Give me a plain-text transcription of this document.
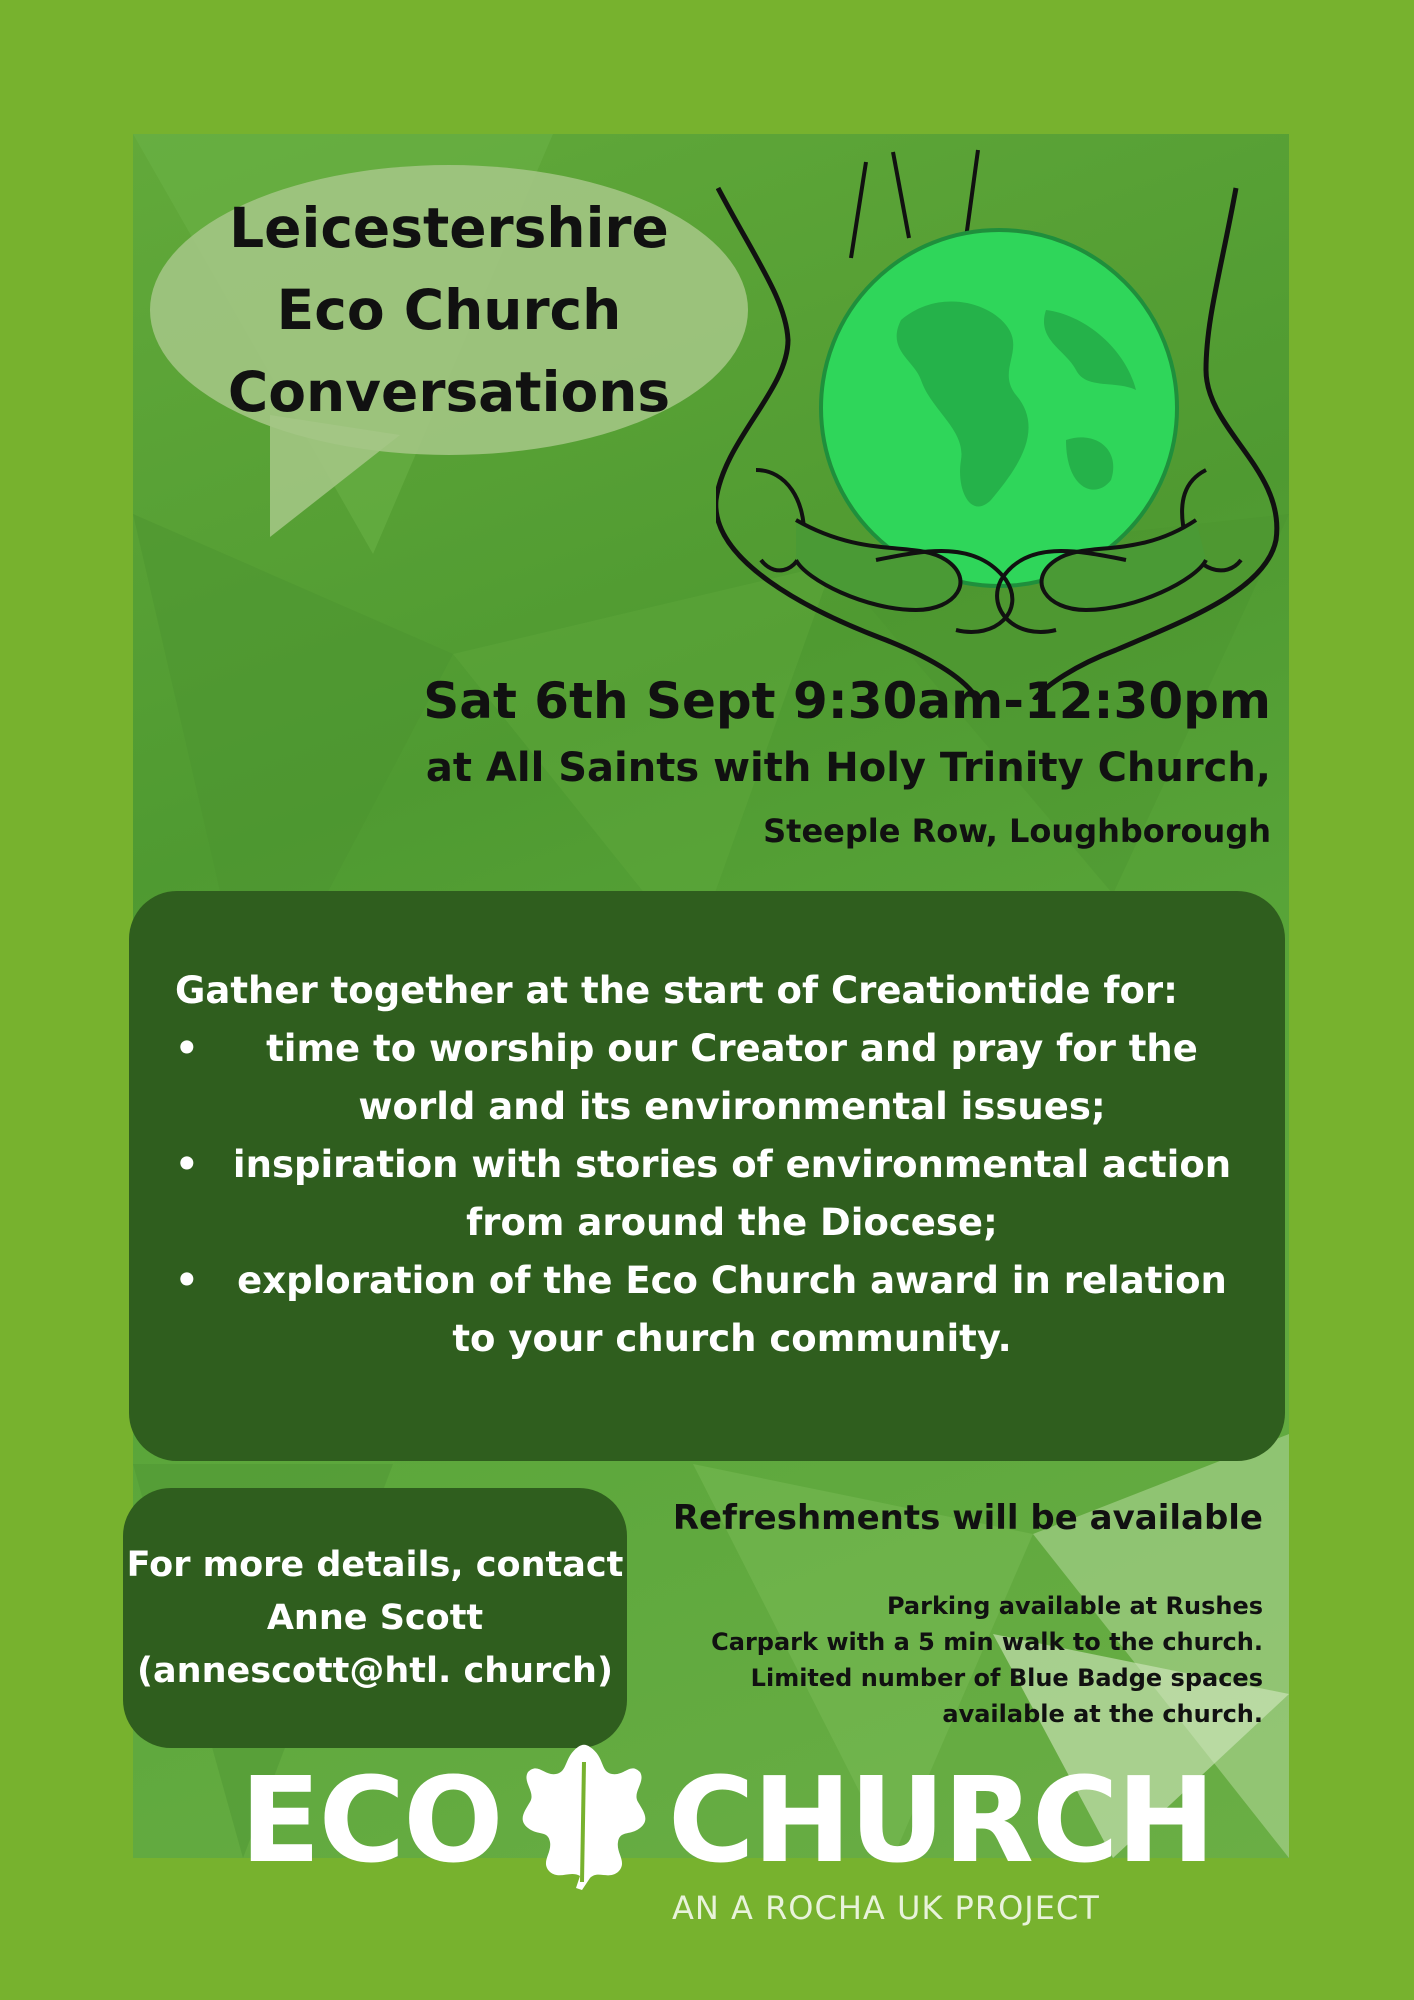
Leicestershire
Eco Church
Conversations

Sat 6th Sept 9:30am-12:30pm

at All Saints with Holy Trinity Church,

Steeple Row, Loughborough

Gather together at the start of Creationtide for:

•	time to worship our Creator and pray for the
world and its environmental issues;
• inspiration with stories of environmental action
from around the Diocese;
•	exploration of the Eco Church award in relation
to your church community.
For more details, contact
Anne Scott
(annescott@htl. church)

Refreshments will be available

Parking available at Rushes
Carpark with a 5 min walk to the church.
Limited number of Blue Badge spaces
available at the church.

ECO CHURCH

AN A ROCHA UK PROJECT
